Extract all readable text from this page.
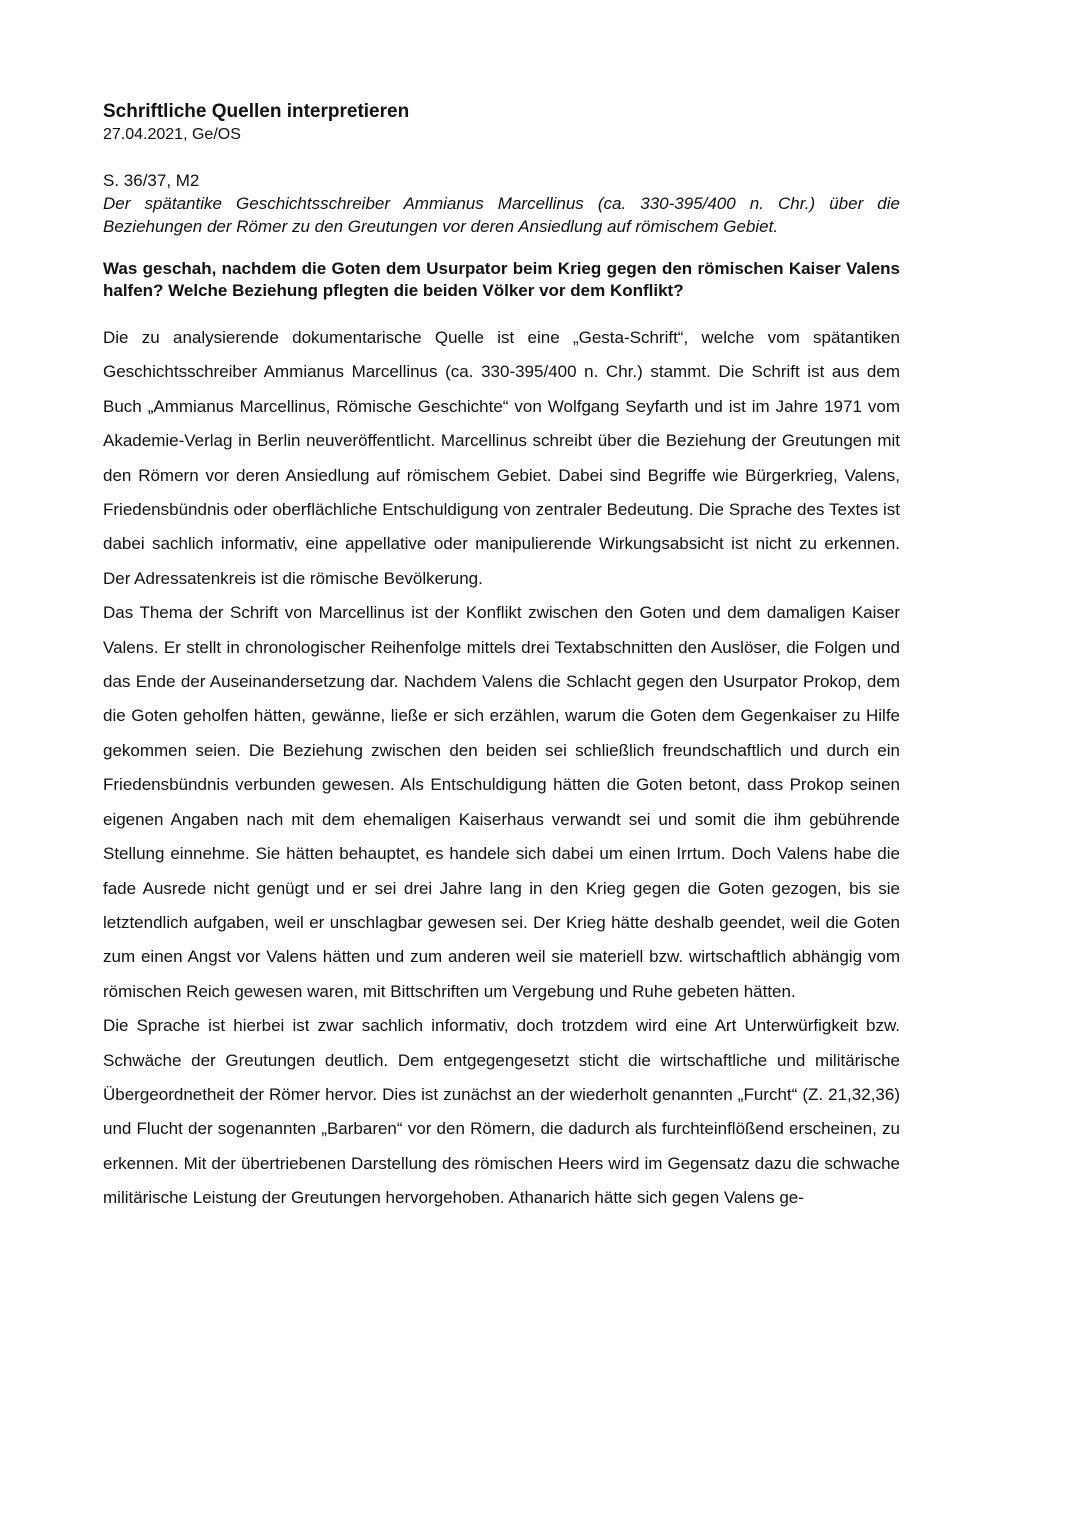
Schriftliche Quellen interpretieren

27.04.2021, Ge/OS

S. 36/37, M2

Der spätantike Geschichtsschreiber Ammianus Marcellinus (ca. 330-395/400 n. Chr.) über die Beziehungen der Römer zu den Greutungen vor deren Ansiedlung auf römischem Gebiet.

Was geschah, nachdem die Goten dem Usurpator beim Krieg gegen den römischen Kaiser Valens halfen? Welche Beziehung pflegten die beiden Völker vor dem Konflikt?

Die zu analysierende dokumentarische Quelle ist eine „Gesta-Schrift“, welche vom spätantiken Geschichtsschreiber Ammianus Marcellinus (ca. 330-395/400 n. Chr.) stammt. Die Schrift ist aus dem Buch „Ammianus Marcellinus, Römische Geschichte“ von Wolfgang Seyfarth und ist im Jahre 1971 vom Akademie-Verlag in Berlin neuveröffentlicht. Marcellinus schreibt über die Beziehung der Greutungen mit den Römern vor deren Ansiedlung auf römischem Gebiet. Dabei sind Begriffe wie Bürgerkrieg, Valens, Friedensbündnis oder oberflächliche Entschuldigung von zentraler Bedeutung. Die Sprache des Textes ist dabei sachlich informativ, eine appellative oder manipulierende Wirkungsabsicht ist nicht zu erkennen. Der Adressatenkreis ist die römische Bevölkerung.

Das Thema der Schrift von Marcellinus ist der Konflikt zwischen den Goten und dem damaligen Kaiser Valens. Er stellt in chronologischer Reihenfolge mittels drei Textabschnitten den Auslöser, die Folgen und das Ende der Auseinandersetzung dar. Nachdem Valens die Schlacht gegen den Usurpator Prokop, dem die Goten geholfen hätten, gewänne, ließe er sich erzählen, warum die Goten dem Gegenkaiser zu Hilfe gekommen seien. Die Beziehung zwischen den beiden sei schließlich freundschaftlich und durch ein Friedensbündnis verbunden gewesen. Als Entschuldigung hätten die Goten betont, dass Prokop seinen eigenen Angaben nach mit dem ehemaligen Kaiserhaus verwandt sei und somit die ihm gebührende Stellung einnehme. Sie hätten behauptet, es handele sich dabei um einen Irrtum. Doch Valens habe die fade Ausrede nicht genügt und er sei drei Jahre lang in den Krieg gegen die Goten gezogen, bis sie letztendlich aufgaben, weil er unschlagbar gewesen sei. Der Krieg hätte deshalb geendet, weil die Goten zum einen Angst vor Valens hätten und zum anderen weil sie materiell bzw. wirtschaftlich abhängig vom römischen Reich gewesen waren, mit Bittschriften um Vergebung und Ruhe gebeten hätten.

Die Sprache ist hierbei ist zwar sachlich informativ, doch trotzdem wird eine Art Unterwürfigkeit bzw. Schwäche der Greutungen deutlich. Dem entgegengesetzt sticht die wirtschaftliche und militärische Übergeordnetheit der Römer hervor. Dies ist zunächst an der wiederholt genannten „Furcht“ (Z. 21,32,36) und Flucht der sogenannten „Barbaren“ vor den Römern, die dadurch als furchteinflößend erscheinen, zu erkennen. Mit der übertriebenen Darstellung des römischen Heers wird im Gegensatz dazu die schwache militärische Leistung der Greutungen hervorgehoben. Athanarich hätte sich gegen Valens ge-
